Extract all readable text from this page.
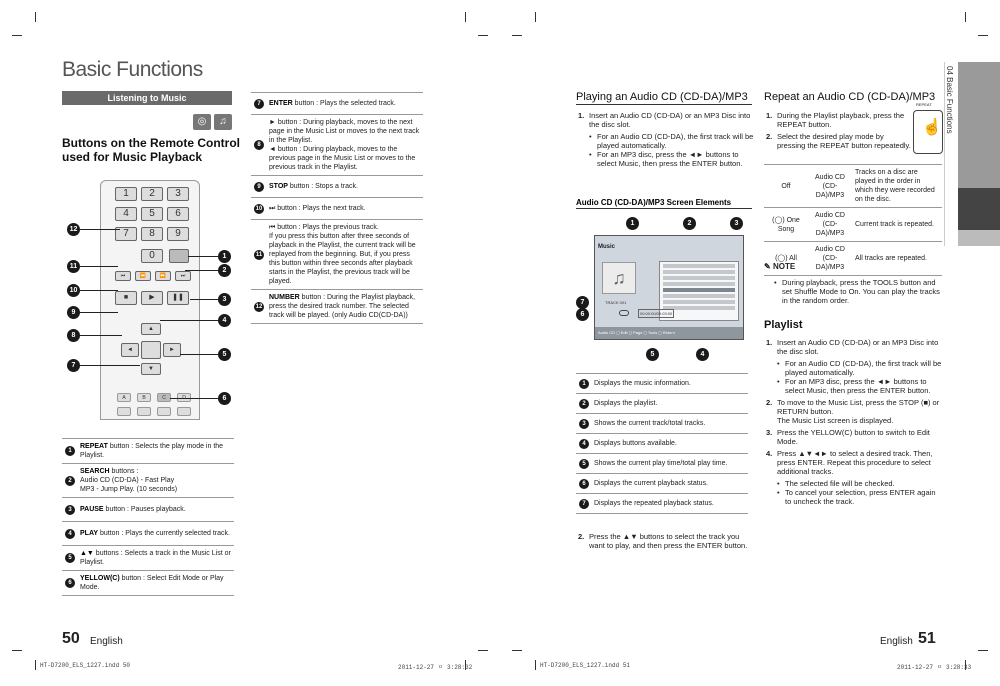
Basic Functions
Listening to Music
◎	♫
Buttons on the Remote Control used for Music Playback
1	2	3
4	5	6
7	8	9
0
⏮	⏪	⏩	⏭
■	▶	❚❚
▲
◄	►
▼
A	B	C
12
11
10
9
8
7
1
2
3
4
5
6
1	REPEAT button : Selects the play mode in the Playlist.
2	SEARCH buttons :
Audio CD (CD-DA) - Fast Play
MP3 - Jump Play. (10 seconds)
3	PAUSE button : Pauses playback.
4	PLAY button : Plays the currently selected track.
5	▲▼ buttons : Selects a track in the Music List or Playlist.
6	YELLOW(C) button : Select Edit Mode or Play Mode.
7	ENTER button : Plays the selected track.
8	► button : During playback, moves to the next page in the Music List or moves to the next track in the Playlist.
◄ button : During playback, moves to the previous page in the Music List or moves to the previous track in the Playlist.
9	STOP button : Stops a track.
10	⏭ button : Plays the next track.
11	⏮ button : Plays the previous track.
If you press this button after three seconds of playback in the Playlist, the current track will be replayed from the beginning. But, if you press this button within three seconds after playback starts in the Playlist, the previous track will be played.
12	NUMBER button : During the Playlist playback, press the desired track number. The selected track will be played. (only Audio CD(CD-DA))
50 English
HT-D7200_ELS_1227.indd 50	2011-12-27 ㅇ 3:28:32
Playing an Audio CD (CD-DA)/MP3
1. Insert an Audio CD (CD-DA) or an MP3 Disc into the disc slot.
• For an Audio CD (CD-DA), the first track will be played automatically.
• For an MP3 disc, press the ◄► buttons to select Music, then press the ENTER button.
Audio CD (CD-DA)/MP3 Screen Elements
1	2	3
7
6
5	4
Music
♫
TRACK 001
00:00:00/00:03:00
Audio CD ◻ Edit ◻ Page ◻ Tools ◻ Return
1	Displays the music information.
2	Displays the playlist.
3	Shows the current track/total tracks.
4	Displays buttons available.
5	Shows the current play time/total play time.
6	Displays the current playback status.
7	Displays the repeated playback status.
2. Press the ▲▼ buttons to select the track you want to play, and then press the ENTER button.
Repeat an Audio CD (CD-DA)/MP3
1. During the Playlist playback, press the REPEAT button.
2. Select the desired play mode by pressing the REPEAT button repeatedly.
REPEAT
☝
Off	Audio CD (CD-DA)/MP3	Tracks on a disc are played in the order in which they were recorded on the disc.
(◯) One Song	Audio CD (CD-DA)/MP3	Current track is repeated.
(◯) All	Audio CD (CD-DA)/MP3	All tracks are repeated.
✎ NOTE
• During playback, press the TOOLS button and set Shuffle Mode to On. You can play the tracks in the random order.
Playlist
1. Insert an Audio CD (CD-DA) or an MP3 Disc into the disc slot.
• For an Audio CD (CD-DA), the first track will be played automatically.
• For an MP3 disc, press the ◄► buttons to select Music, then press the ENTER button.
2. To move to the Music List, press the STOP (■) or RETURN button.
The Music List screen is displayed.
3. Press the YELLOW(C) button to switch to Edit Mode.
4. Press ▲▼◄► to select a desired track. Then, press ENTER. Repeat this procedure to select additional tracks.
• The selected file will be checked.
• To cancel your selection, press ENTER again to uncheck the track.
04 Basic Functions
English 51
HT-D7200_ELS_1227.indd 51	2011-12-27 ㅇ 3:28:33
